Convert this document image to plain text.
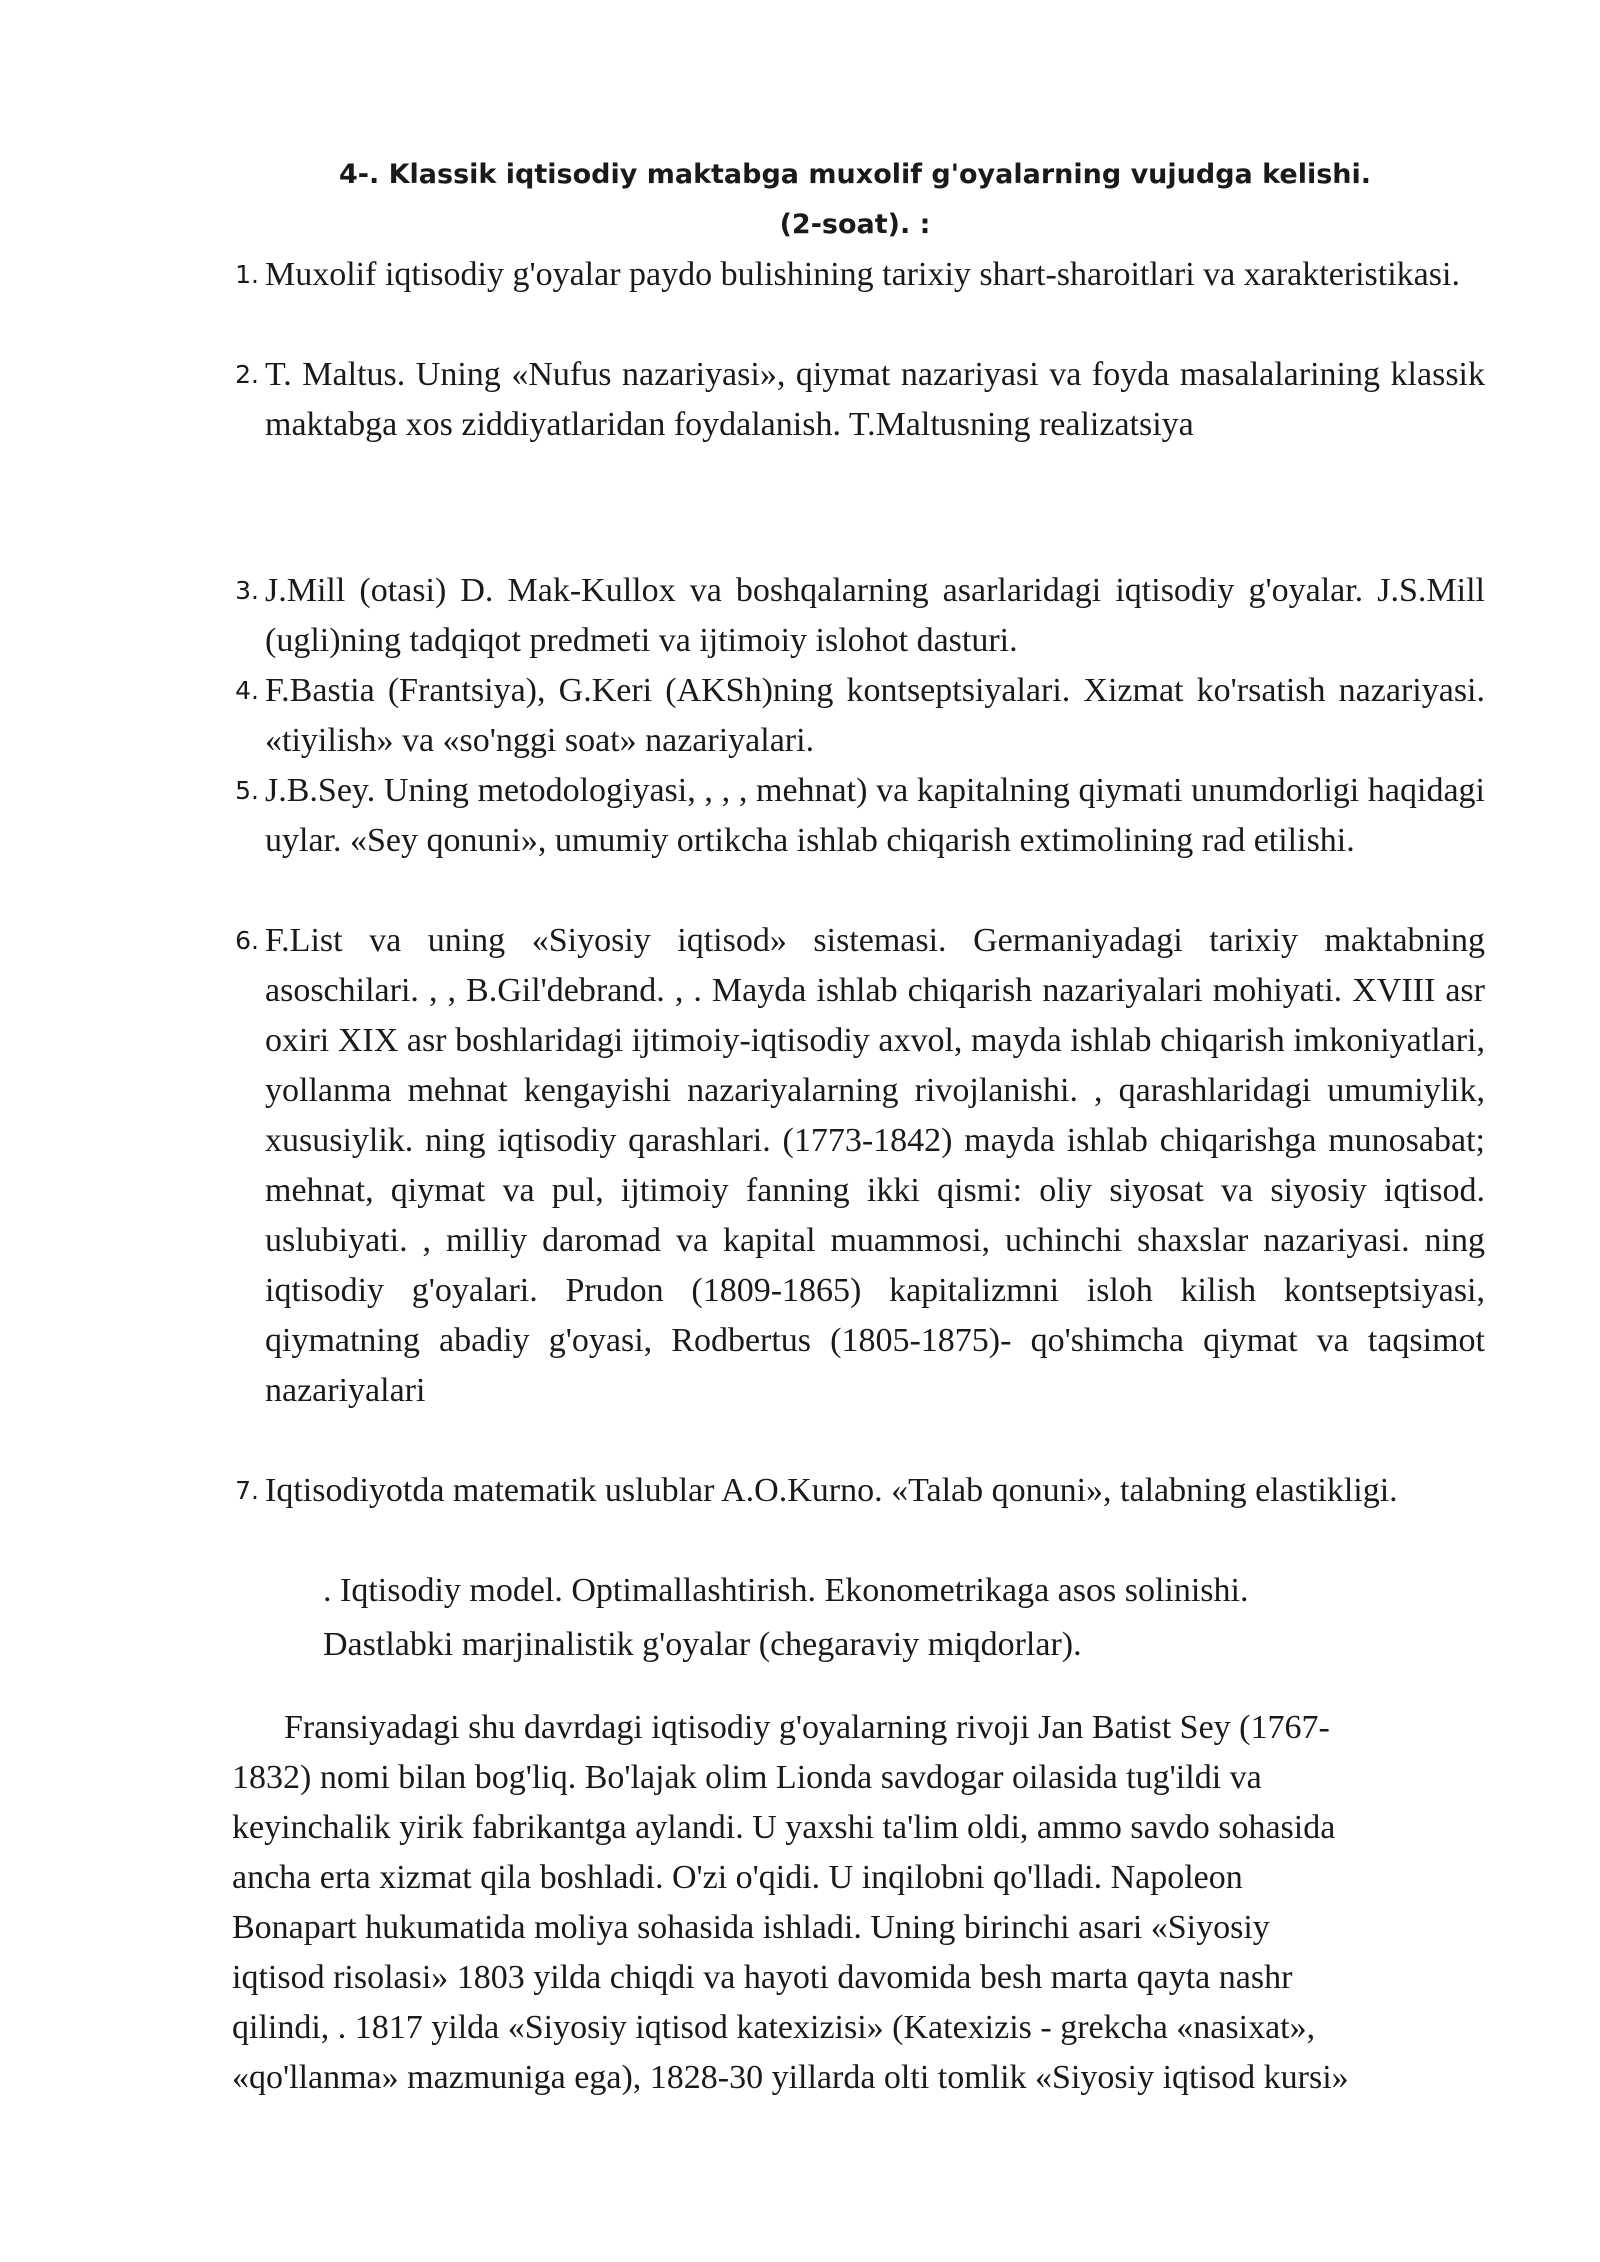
4-. Klassik iqtisodiy maktabga muxolif g'oyalarning vujudga kelishi.
(2-soat). :
1. Muxolif iqtisodiy g'oyalar paydo bulishining tarixiy shart-sharoitlari va xarakteristikasi.
2. T. Maltus. Uning «Nufus nazariyasi», qiymat nazariyasi va foyda masalalarining klassik maktabga xos ziddiyatlaridan foydalanish. T.Maltusning realizatsiya
3. J.Mill (otasi) D. Mak-Kullox va boshqalarning asarlaridagi iqtisodiy g'oyalar. J.S.Mill (ugli)ning tadqiqot predmeti va ijtimoiy islohot dasturi.
4. F.Bastia (Frantsiya), G.Keri (AKSh)ning kontseptsiyalari. Xizmat ko'rsatish nazariyasi. «tiyilish» va «so'nggi soat» nazariyalari.
5. J.B.Sey. Uning metodologiyasi, , , , mehnat) va kapitalning qiymati unumdorligi haqidagi uylar. «Sey qonuni», umumiy ortikcha ishlab chiqarish extimolining rad etilishi.
6. F.List va uning «Siyosiy iqtisod» sistemasi. Germaniyadagi tarixiy maktabning asoschilari. , , B.Gil'debrand. , . Mayda ishlab chiqarish nazariyalari mohiyati. XVIII asr oxiri XIX asr boshlaridagi ijtimoiy-iqtisodiy axvol, mayda ishlab chiqarish imkoniyatlari, yollanma mehnat kengayishi nazariyalarning rivojlanishi. , qarashlaridagi umumiylik, xususiylik. ning iqtisodiy qarashlari. (1773-1842) mayda ishlab chiqarishga munosabat; mehnat, qiymat va pul, ijtimoiy fanning ikki qismi: oliy siyosat va siyosiy iqtisod. uslubiyati. , milliy daromad va kapital muammosi, uchinchi shaxslar nazariyasi. ning iqtisodiy g'oyalari. Prudon (1809-1865) kapitalizmni isloh kilish kontseptsiyasi, qiymatning abadiy g'oyasi, Rodbertus (1805-1875)- qo'shimcha qiymat va taqsimot nazariyalari
7. Iqtisodiyotda matematik uslublar A.O.Kurno. «Talab qonuni», talabning elastikligi.
. Iqtisodiy model. Optimallashtirish. Ekonometrikaga asos solinishi.
Dastlabki marjinalistik g'oyalar (chegaraviy miqdorlar).
Fransiyadagi shu davrdagi iqtisodiy g'oyalarning rivoji Jan Batist Sey (1767-
1832) nomi bilan bog'liq. Bo'lajak olim Lionda savdogar oilasida tug'ildi va
keyinchalik yirik fabrikantga aylandi. U yaxshi ta'lim oldi, ammo savdo sohasida
ancha erta xizmat qila boshladi. O'zi o'qidi. U inqilobni qo'lladi. Napoleon
Bonapart hukumatida moliya sohasida ishladi. Uning birinchi asari «Siyosiy
iqtisod risolasi» 1803 yilda chiqdi va hayoti davomida besh marta qayta nashr
qilindi, . 1817 yilda «Siyosiy iqtisod katexizisi» (Katexizis - grekcha «nasixat»,
«qo'llanma» mazmuniga ega), 1828-30 yillarda olti tomlik «Siyosiy iqtisod kursi»
